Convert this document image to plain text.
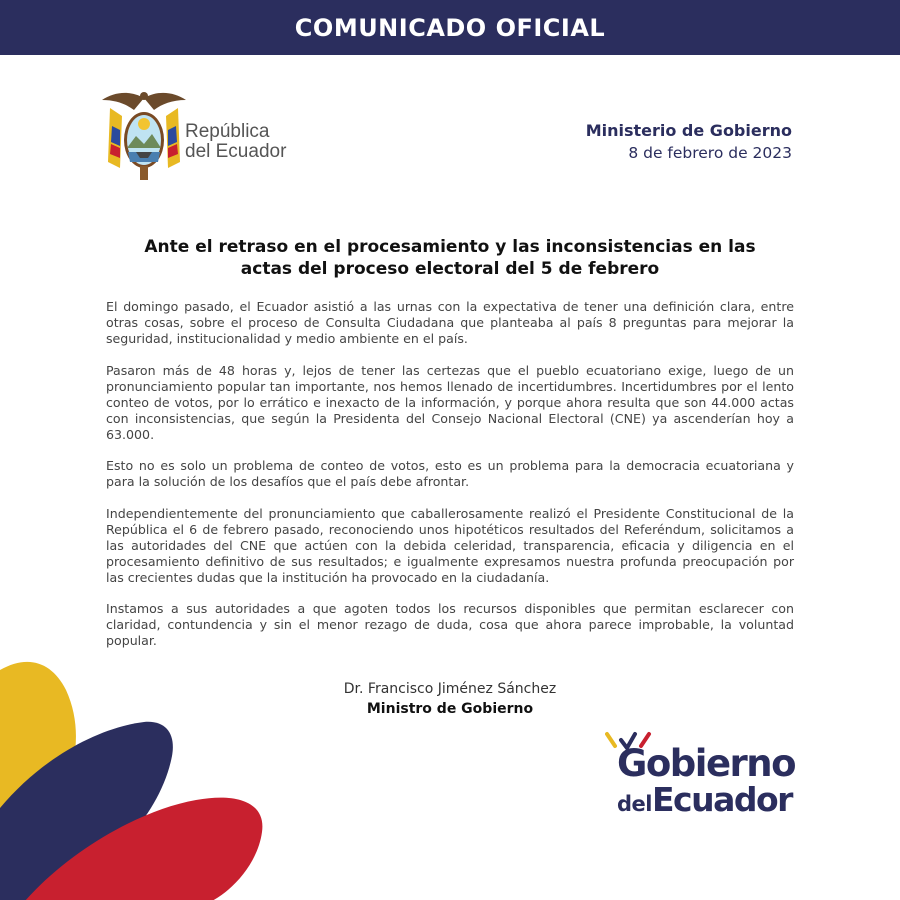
COMUNICADO OFICIAL
República
del Ecuador
Ministerio de Gobierno
8 de febrero de 2023
Ante el retraso en el procesamiento y las inconsistencias en las
actas del proceso electoral del 5 de febrero

El domingo pasado, el Ecuador asistió a las urnas con la expectativa de tener una definición clara, entre otras cosas, sobre el proceso de Consulta Ciudadana que planteaba al país 8 preguntas para mejorar la seguridad, institucionalidad y medio ambiente en el país.

Pasaron más de 48 horas y, lejos de tener las certezas que el pueblo ecuatoriano exige, luego de un pronunciamiento popular tan importante, nos hemos llenado de incertidumbres. Incertidumbres por el lento conteo de votos, por lo errático e inexacto de la información, y porque ahora resulta que son 44.000 actas con inconsistencias, que según la Presidenta del Consejo Nacional Electoral (CNE) ya ascenderían hoy a 63.000.

Esto no es solo un problema de conteo de votos, esto es un problema para la democracia ecuatoriana y para la solución de los desafíos que el país debe afrontar.

Independientemente del pronunciamiento que caballerosamente realizó el Presidente Constitucional de la República el 6 de febrero pasado, reconociendo unos hipotéticos resultados del Referéndum, solicitamos a las autoridades del CNE que actúen con la debida celeridad, transparencia, eficacia y diligencia en el procesamiento definitivo de sus resultados; e igualmente expresamos nuestra profunda preocupación por las crecientes dudas que la institución ha provocado en la ciudadanía.

Instamos a sus autoridades a que agoten todos los recursos disponibles que permitan esclarecer con claridad, contundencia y sin el menor rezago de duda, cosa que ahora parece improbable, la voluntad popular.

Dr. Francisco Jiménez Sánchez
Ministro de Gobierno
Gobierno
delEcuador
